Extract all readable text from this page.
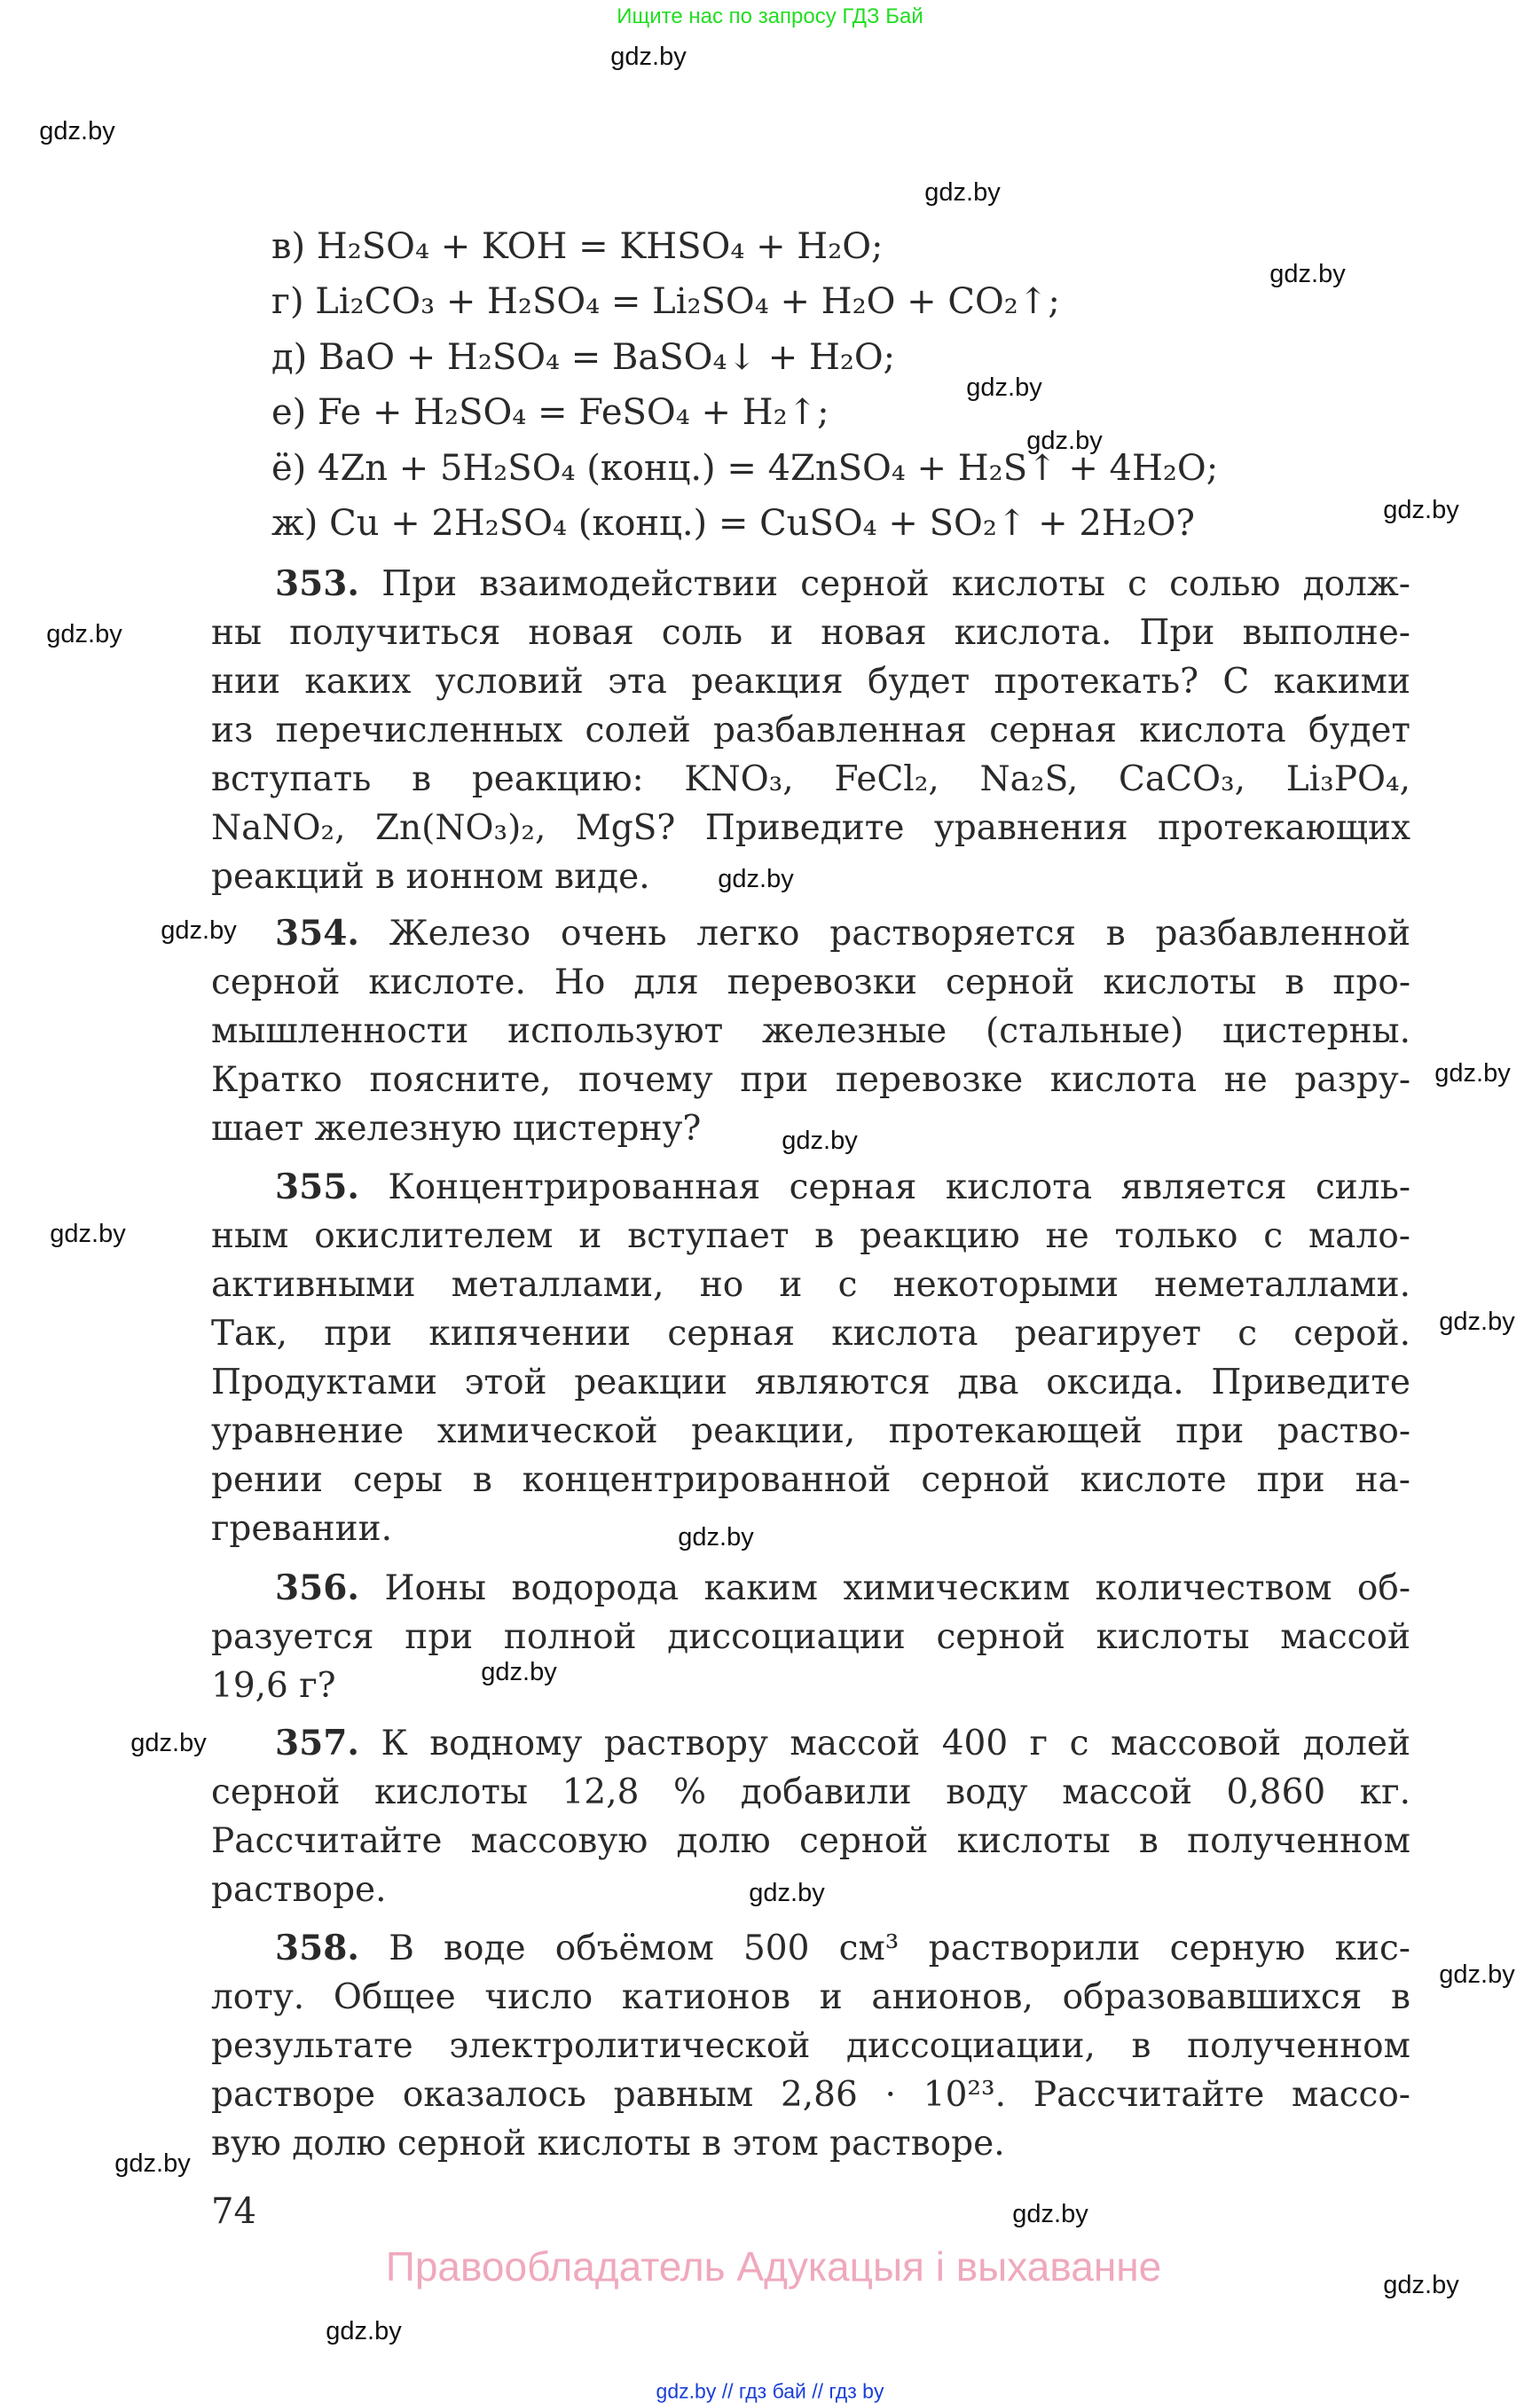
Ищите нас по запросу ГДЗ Бай
gdz.by
gdz.by
gdz.by
gdz.by
gdz.by
gdz.by
gdz.by
gdz.by
gdz.by
gdz.by
gdz.by
gdz.by
gdz.by
gdz.by
gdz.by
gdz.by
gdz.by
gdz.by
gdz.by
gdz.by
gdz.by
gdz.by
gdz.by
в) H₂SO₄ + KOH = KHSO₄ + H₂O;
г) Li₂CO₃ + H₂SO₄ = Li₂SO₄ + H₂O + CO₂↑;
д) BaO + H₂SO₄ = BaSO₄↓ + H₂O;
е) Fe + H₂SO₄ = FeSO₄ + H₂↑;
ё) 4Zn + 5H₂SO₄ (конц.) = 4ZnSO₄ + H₂S↑ + 4H₂O;
ж) Cu + 2H₂SO₄ (конц.) = CuSO₄ + SO₂↑ + 2H₂O?
353. При взаимодействии серной кислоты с солью долж-
ны получиться новая соль и новая кислота. При выполне-
нии каких условий эта реакция будет протекать? С какими
из перечисленных солей разбавленная серная кислота будет
вступать в реакцию: KNO₃, FeCl₂, Na₂S, CaCO₃, Li₃PO₄,
NaNO₂, Zn(NO₃)₂, MgS? Приведите уравнения протекающих
реакций в ионном виде.
354. Железо очень легко растворяется в разбавленной
серной кислоте. Но для перевозки серной кислоты в про-
мышленности используют железные (стальные) цистерны.
Кратко поясните, почему при перевозке кислота не разру-
шает железную цистерну?
355. Концентрированная серная кислота является силь-
ным окислителем и вступает в реакцию не только с мало-
активными металлами, но и с некоторыми неметаллами.
Так, при кипячении серная кислота реагирует с серой.
Продуктами этой реакции являются два оксида. Приведите
уравнение химической реакции, протекающей при раство-
рении серы в концентрированной серной кислоте при на-
гревании.
356. Ионы водорода каким химическим количеством об-
разуется при полной диссоциации серной кислоты массой
19,6 г?
357. К водному раствору массой 400 г с массовой долей
серной кислоты 12,8 % добавили воду массой 0,860 кг.
Рассчитайте массовую долю серной кислоты в полученном
растворе.
358. В воде объёмом 500 см³ растворили серную кис-
лоту. Общее число катионов и анионов, образовавшихся в
результате электролитической диссоциации, в полученном
растворе оказалось равным 2,86 · 10²³. Рассчитайте массо-
вую долю серной кислоты в этом растворе.
74
Правообладатель Адукацыя і выхаванне
gdz.by // гдз бай // гдз by
